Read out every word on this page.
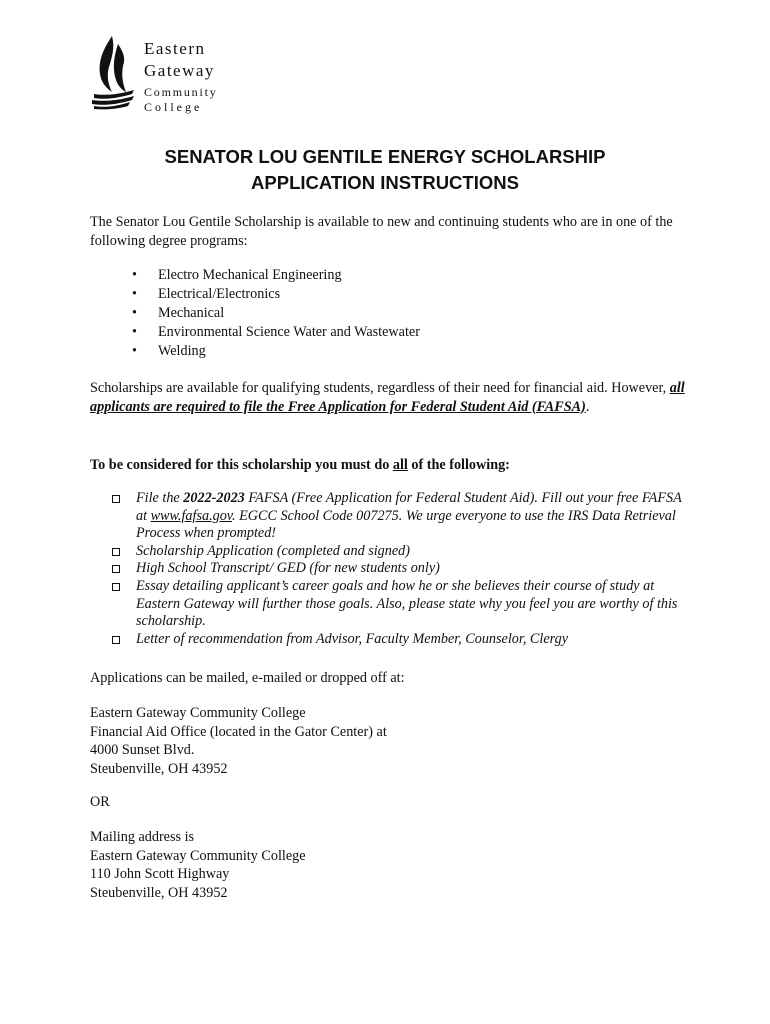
Eastern
Gateway
Community
College
SENATOR LOU GENTILE ENERGY SCHOLARSHIP
APPLICATION INSTRUCTIONS

The Senator Lou Gentile Scholarship is available to new and continuing students who are in one of the following degree programs:

• Electro Mechanical Engineering
• Electrical/Electronics
• Mechanical
• Environmental Science Water and Wastewater
• Welding

Scholarships are available for qualifying students, regardless of their need for financial aid. However, all applicants are required to file the Free Application for Federal Student Aid (FAFSA).

To be considered for this scholarship you must do all of the following:

File the 2022-2023 FAFSA (Free Application for Federal Student Aid). Fill out your free FAFSA at www.fafsa.gov. EGCC School Code 007275. We urge everyone to use the IRS Data Retrieval Process when prompted!
Scholarship Application (completed and signed)
High School Transcript/ GED (for new students only)
Essay detailing applicant’s career goals and how he or she believes their course of study at Eastern Gateway will further those goals. Also, please state why you feel you are worthy of this scholarship.
Letter of recommendation from Advisor, Faculty Member, Counselor, Clergy

Applications can be mailed, e-mailed or dropped off at:

Eastern Gateway Community College
Financial Aid Office (located in the Gator Center) at
4000 Sunset Blvd.
Steubenville, OH 43952

OR

Mailing address is
Eastern Gateway Community College
110 John Scott Highway
Steubenville, OH 43952
